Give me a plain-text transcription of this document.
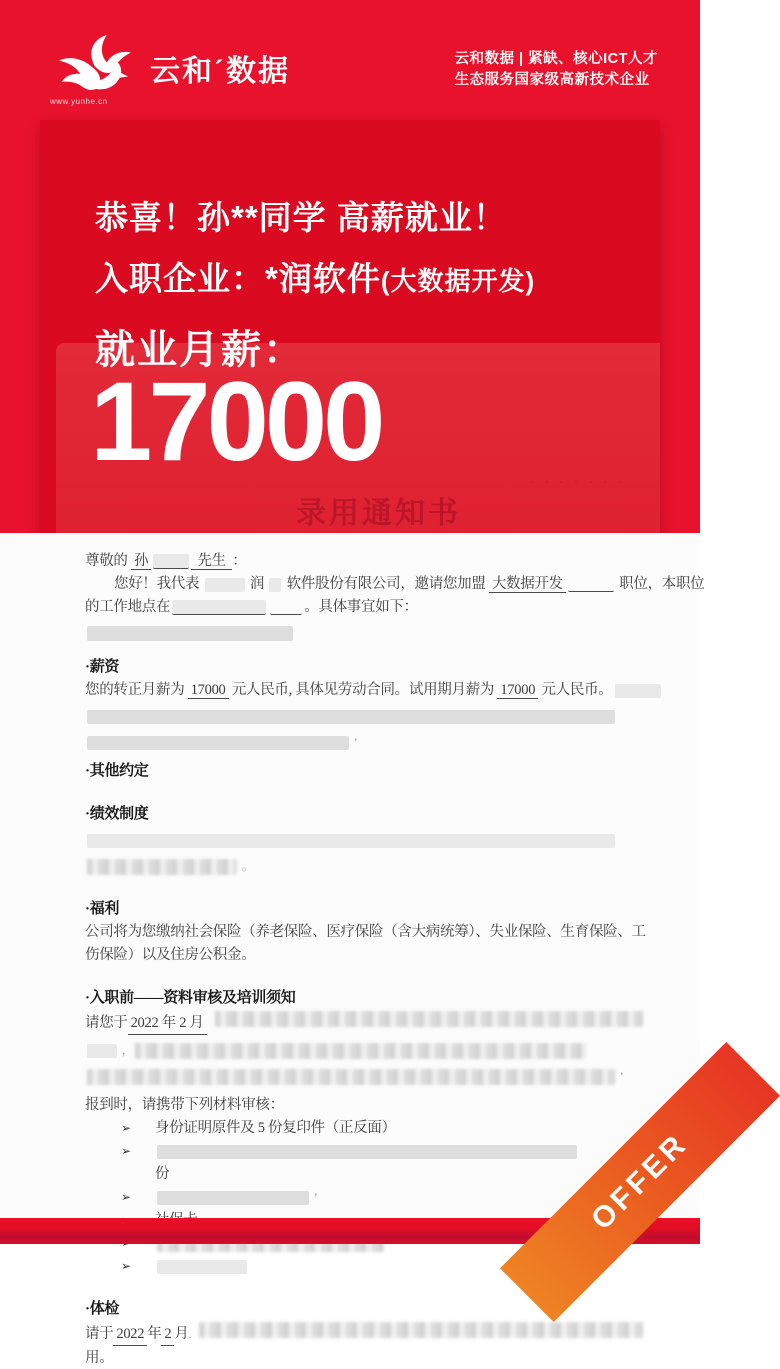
云和ˊ数据
www.yunhe.cn
云和数据 | 紧缺、核心ICT人才
生态服务国家级高新技术企业
恭喜！孙**同学 高薪就业！
入职企业：*润软件(大数据开发)
就业月薪：
17000	· · · · · · ·
录用通知书
尊敬的 孙	先生 ：
您好！我代表	润  软件股份有限公司，邀请您加盟 大数据开发	职位，本职位
的工作地点在	。具体事宜如下：
·薪资
您的转正月薪为 17000 元人民币, 具体见劳动合同。试用期月薪为 17000 元人民币。
’
·其他约定
·绩效制度
。
·福利
公司将为您缴纳社会保险（养老保险、医疗保险（含大病统筹）、失业保险、生育保险、工
伤保险）以及住房公积金。
·入职前——资料审核及培训须知
请您于 2022 年 2 月
，
’
报到时，请携带下列材料审核：
➢ 身份证明原件及 5 份复印件（正反面）
➢
份
➢	’
➢
·体检
请于 2022 年 2 月 .
用。
OFFER
